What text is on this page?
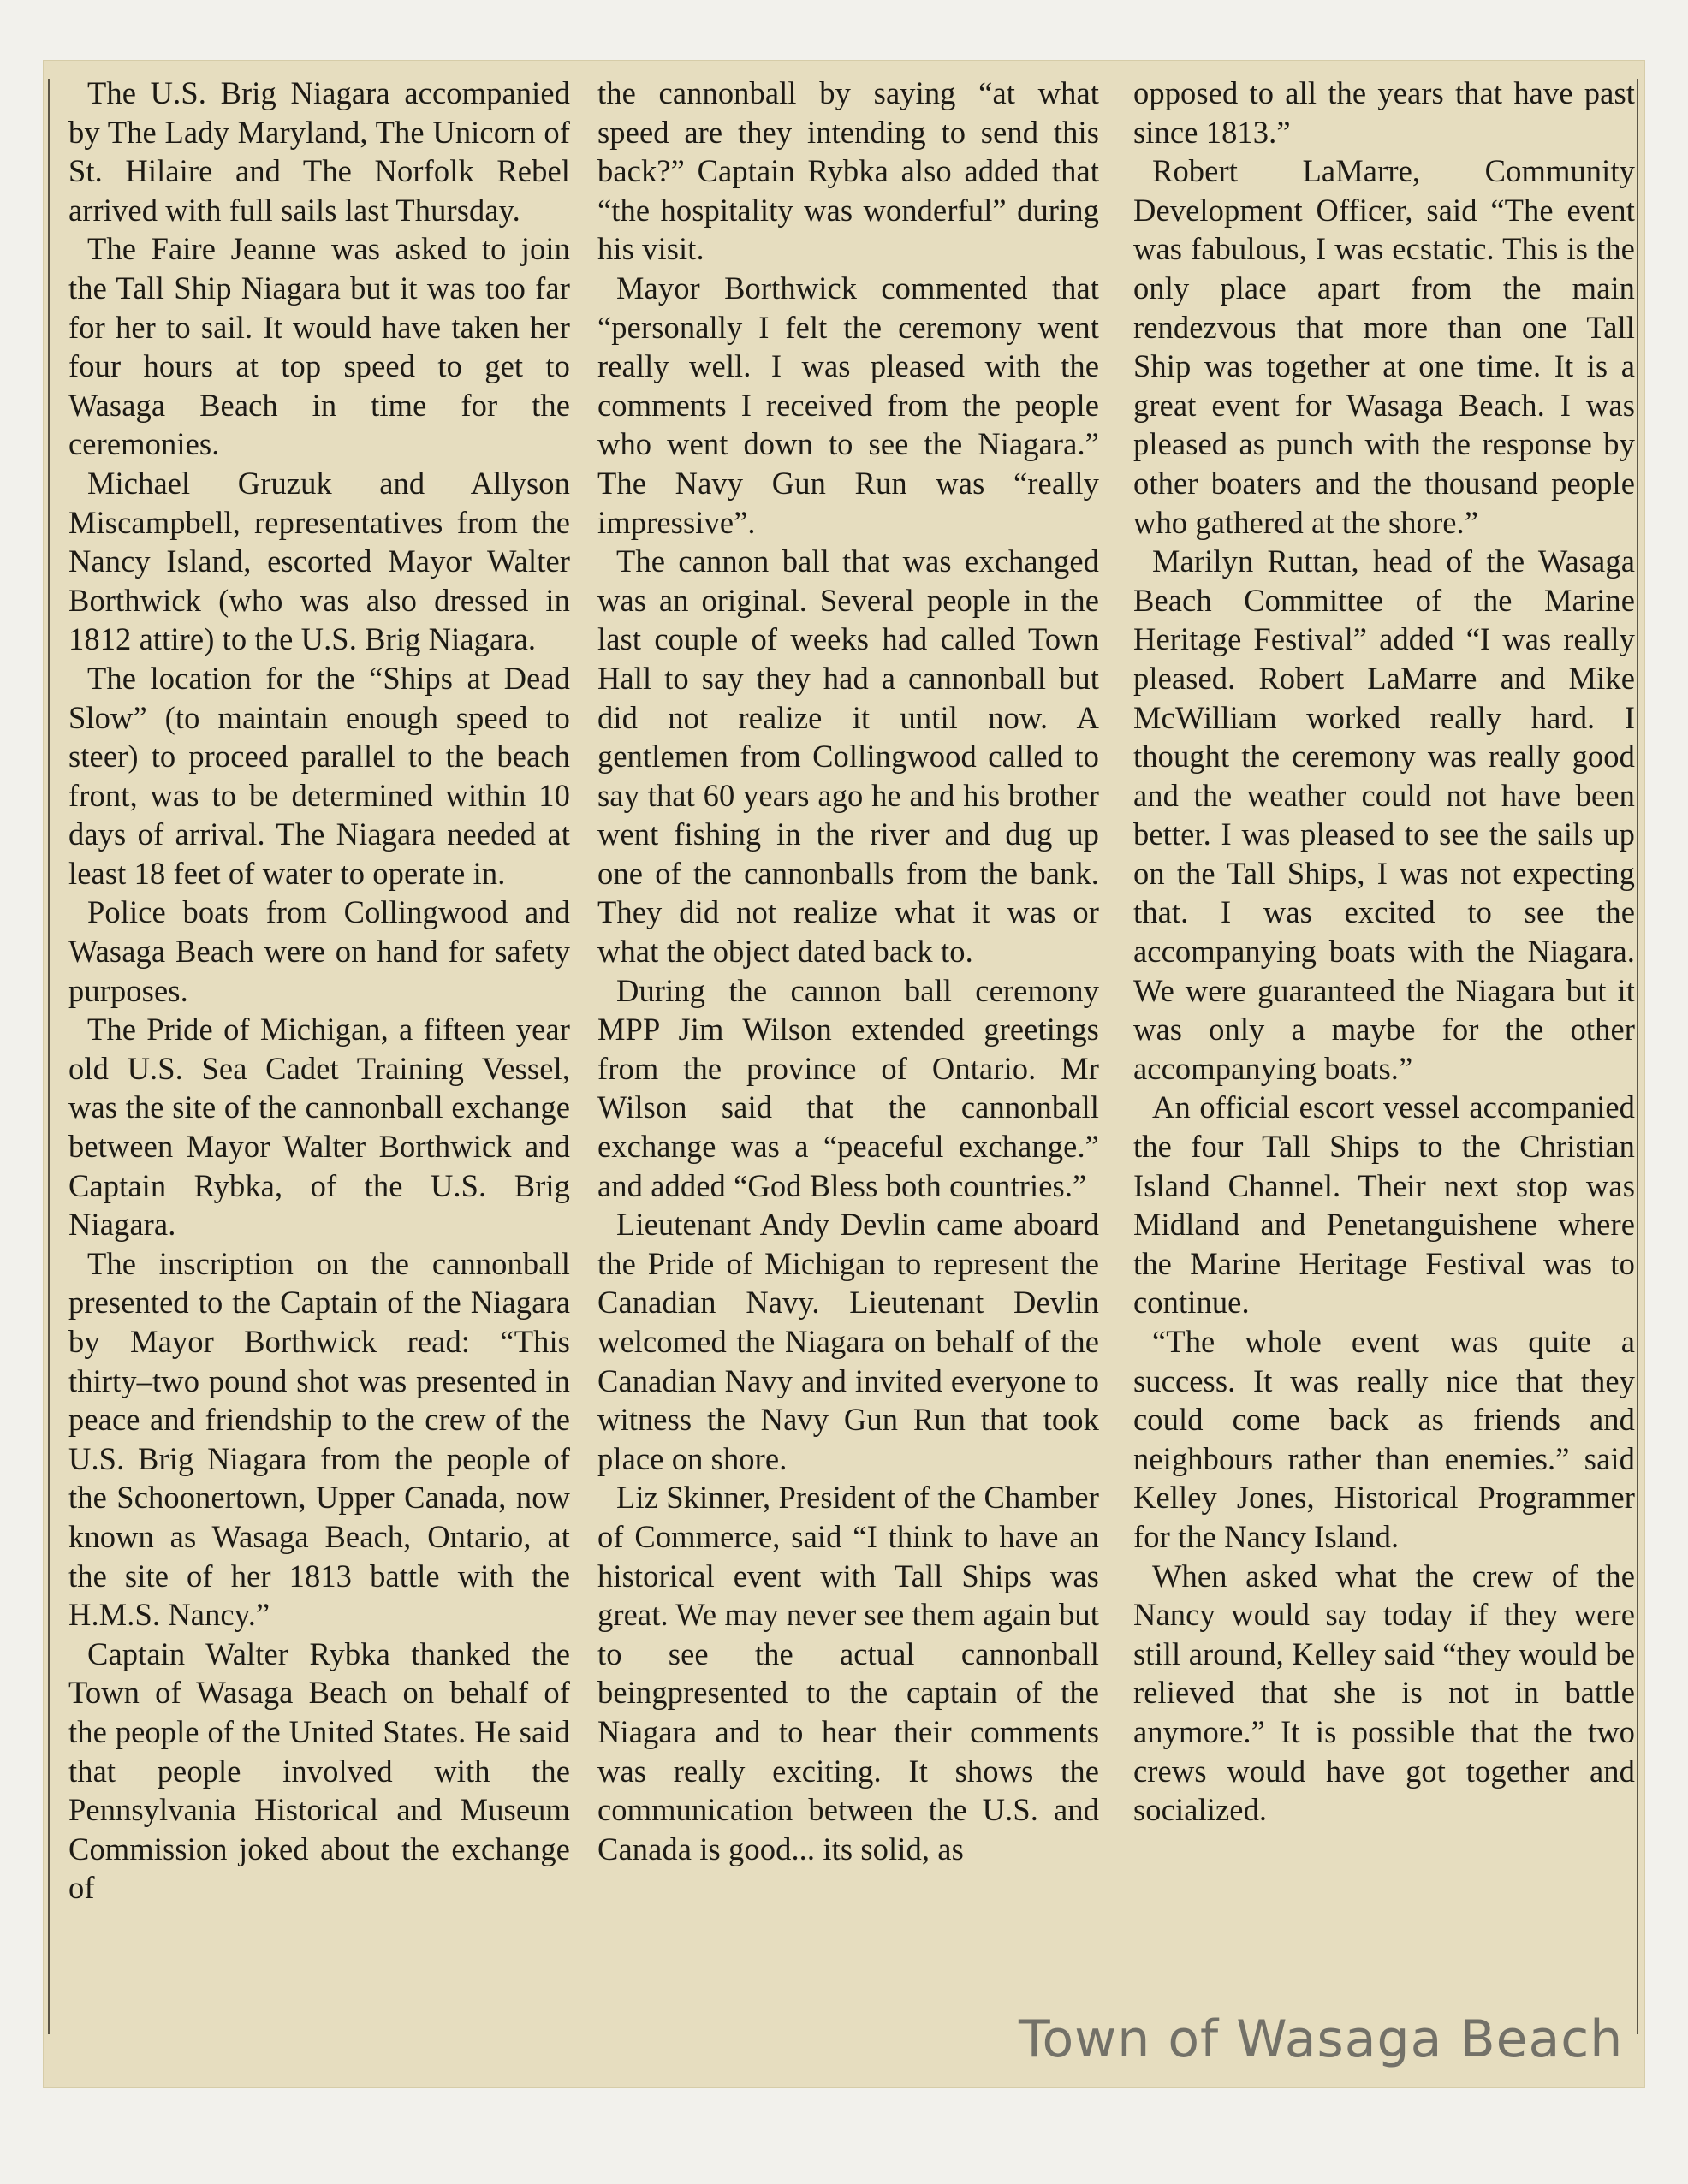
The U.S. Brig Niagara accompanied by The Lady Maryland, The Unicorn of St. Hilaire and The Norfolk Rebel arrived with full sails last Thursday.

The Faire Jeanne was asked to join the Tall Ship Niagara but it was too far for her to sail. It would have taken her four hours at top speed to get to Wasaga Beach in time for the ceremonies.

Michael Gruzuk and Allyson Miscampbell, representatives from the Nancy Island, escorted Mayor Walter Borthwick (who was also dressed in 1812 attire) to the U.S. Brig Niagara.

The location for the “Ships at Dead Slow” (to maintain enough speed to steer) to proceed parallel to the beach front, was to be determined within 10 days of arrival. The Niagara needed at least 18 feet of water to operate in.

Police boats from Collingwood and Wasaga Beach were on hand for safety purposes.

The Pride of Michigan, a fifteen year old U.S. Sea Cadet Training Vessel, was the site of the cannonball exchange between Mayor Walter Borthwick and Captain Rybka, of the U.S. Brig Niagara.

The inscription on the cannonball presented to the Captain of the Niagara by Mayor Borthwick read: “This thirty–two pound shot was presented in peace and friendship to the crew of the U.S. Brig Niagara from the people of the Schoonertown, Upper Canada, now known as Wasaga Beach, Ontario, at the site of her 1813 battle with the H.M.S. Nancy.”

Captain Walter Rybka thanked the Town of Wasaga Beach on behalf of the people of the United States. He said that people involved with the Pennsylvania Historical and Museum Commission joked about the exchange of

the cannonball by saying “at what speed are they intending to send this back?” Captain Rybka also added that “the hospitality was wonderful” during his visit.

Mayor Borthwick commented that “personally I felt the ceremony went really well. I was pleased with the comments I received from the people who went down to see the Niagara.” The Navy Gun Run was “really impressive”.

The cannon ball that was exchanged was an original. Several people in the last couple of weeks had called Town Hall to say they had a cannonball but did not realize it until now. A gentlemen from Collingwood called to say that 60 years ago he and his brother went fishing in the river and dug up one of the cannonballs from the bank. They did not realize what it was or what the object dated back to.

During the cannon ball ceremony MPP Jim Wilson extended greetings from the province of Ontario. Mr Wilson said that the cannonball exchange was a “peaceful exchange.” and added “God Bless both countries.”

Lieutenant Andy Devlin came aboard the Pride of Michigan to represent the Canadian Navy. Lieutenant Devlin welcomed the Niagara on behalf of the Canadian Navy and invited everyone to witness the Navy Gun Run that took place on shore.

Liz Skinner, President of the Chamber of Commerce, said “I think to have an historical event with Tall Ships was great. We may never see them again but to see the actual cannonball beingpresented to the captain of the Niagara and to hear their comments was really exciting. It shows the communication between the U.S. and Canada is good... its solid, as

opposed to all the years that have past since 1813.”

Robert LaMarre, Community Development Officer, said “The event was fabulous, I was ecstatic. This is the only place apart from the main rendezvous that more than one Tall Ship was together at one time. It is a great event for Wasaga Beach. I was pleased as punch with the response by other boaters and the thousand people who gathered at the shore.”

Marilyn Ruttan, head of the Wasaga Beach Committee of the Marine Heritage Festival” added “I was really pleased. Robert LaMarre and Mike McWilliam worked really hard. I thought the ceremony was really good and the weather could not have been better. I was pleased to see the sails up on the Tall Ships, I was not expecting that. I was excited to see the accompanying boats with the Niagara. We were guaranteed the Niagara but it was only a maybe for the other accompanying boats.”

An official escort vessel accompanied the four Tall Ships to the Christian Island Channel. Their next stop was Midland and Penetanguishene where the Marine Heritage Festival was to continue.

“The whole event was quite a success. It was really nice that they could come back as friends and neighbours rather than enemies.” said Kelley Jones, Historical Programmer for the Nancy Island.

When asked what the crew of the Nancy would say today if they were still around, Kelley said “they would be relieved that she is not in battle anymore.” It is possible that the two crews would have got together and socialized.

Town of Wasaga Beach
